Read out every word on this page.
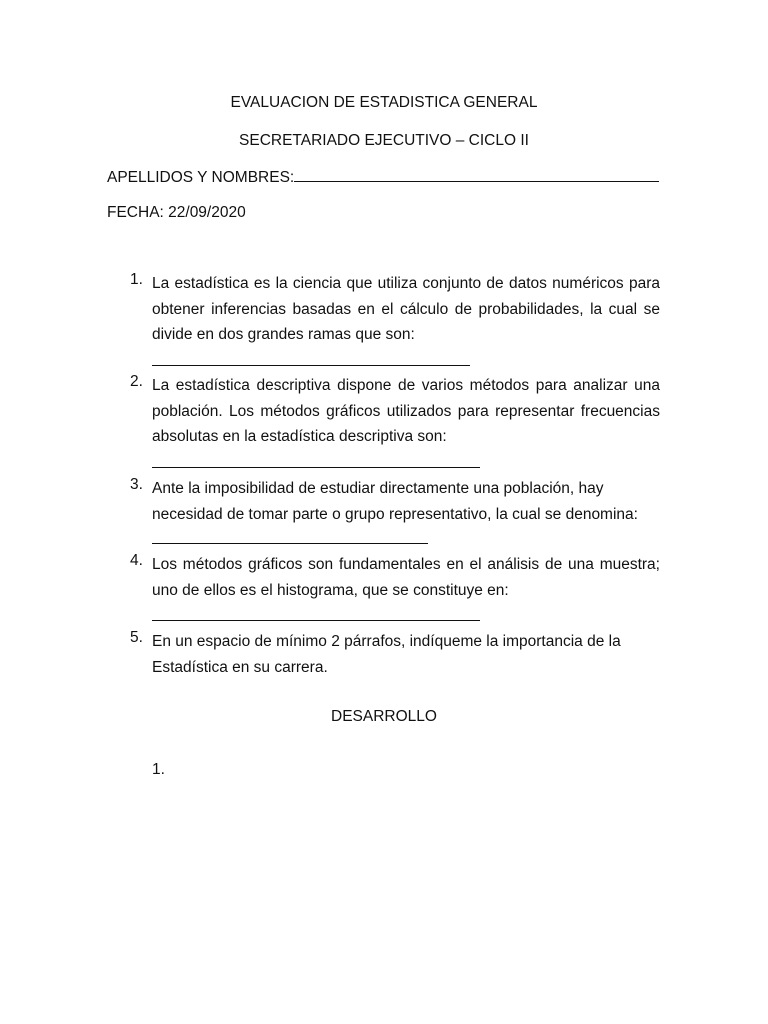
EVALUACION DE ESTADISTICA GENERAL
SECRETARIADO EJECUTIVO – CICLO II
APELLIDOS Y NOMBRES:
FECHA: 22/09/2020
1. La estadística es la ciencia que utiliza conjunto de datos numéricos para obtener inferencias basadas en el cálculo de probabilidades, la cual se divide en dos grandes ramas que son:
2. La estadística descriptiva dispone de varios métodos para analizar una población. Los métodos gráficos utilizados para representar frecuencias absolutas en la estadística descriptiva son:
3. Ante la imposibilidad de estudiar directamente una población, hay necesidad de tomar parte o grupo representativo, la cual se denomina:
4. Los métodos gráficos son fundamentales en el análisis de una muestra; uno de ellos es el histograma, que se constituye en:
5. En un espacio de mínimo 2 párrafos, indíqueme la importancia de la Estadística en su carrera.
DESARROLLO
1.
